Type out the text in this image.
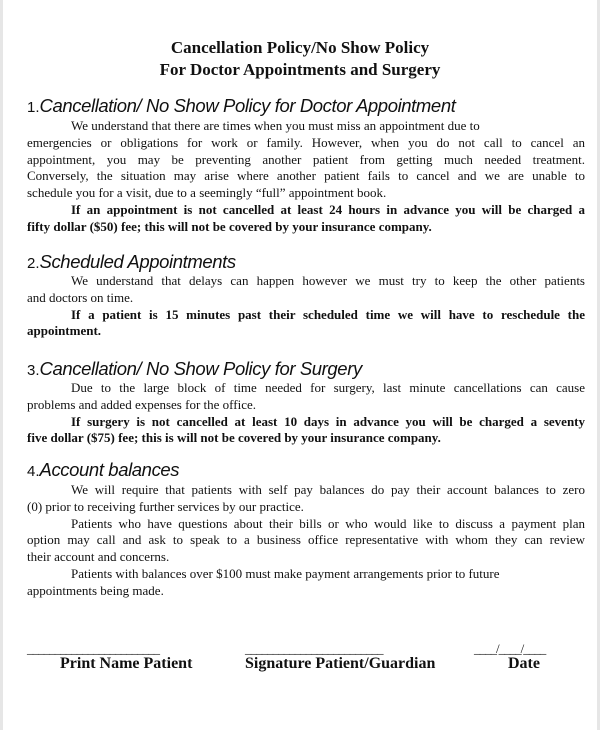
Cancellation Policy/No Show Policy
For Doctor Appointments and Surgery
1.Cancellation/ No Show Policy for Doctor Appointment
We understand that there are times when you must miss an appointment due to
emergencies or obligations for work or family. However, when you do not call to cancel an
appointment, you may be preventing another patient from getting much needed treatment.
Conversely, the situation may arise where another patient fails to cancel and we are unable to
schedule you for a visit, due to a seemingly “full” appointment book.
If an appointment is not cancelled at least 24 hours in advance you will be charged a
fifty dollar ($50) fee; this will not be covered by your insurance company.
2.Scheduled Appointments
We understand that delays can happen however we must try to keep the other patients
and doctors on time.
If a patient is 15 minutes past their scheduled time we will have to reschedule the
appointment.
3.Cancellation/ No Show Policy for Surgery
Due to the large block of time needed for surgery, last minute cancellations can cause
problems and added expenses for the office.
If surgery is not cancelled at least 10 days in advance you will be charged a seventy
five dollar ($75) fee; this is will not be covered by your insurance company.
4.Account balances
We will require that patients with self pay balances do pay their account balances to zero
(0) prior to receiving further services by our practice.
Patients who have questions about their bills or who would like to discuss a payment plan
option may call and ask to speak to a business office representative with whom they can review
their account and concerns.
Patients with balances over $100 must make payment arrangements prior to future
appointments being made.
________________________
Print Name Patient
_________________________
Signature Patient/Guardian
____/____/____
Date
